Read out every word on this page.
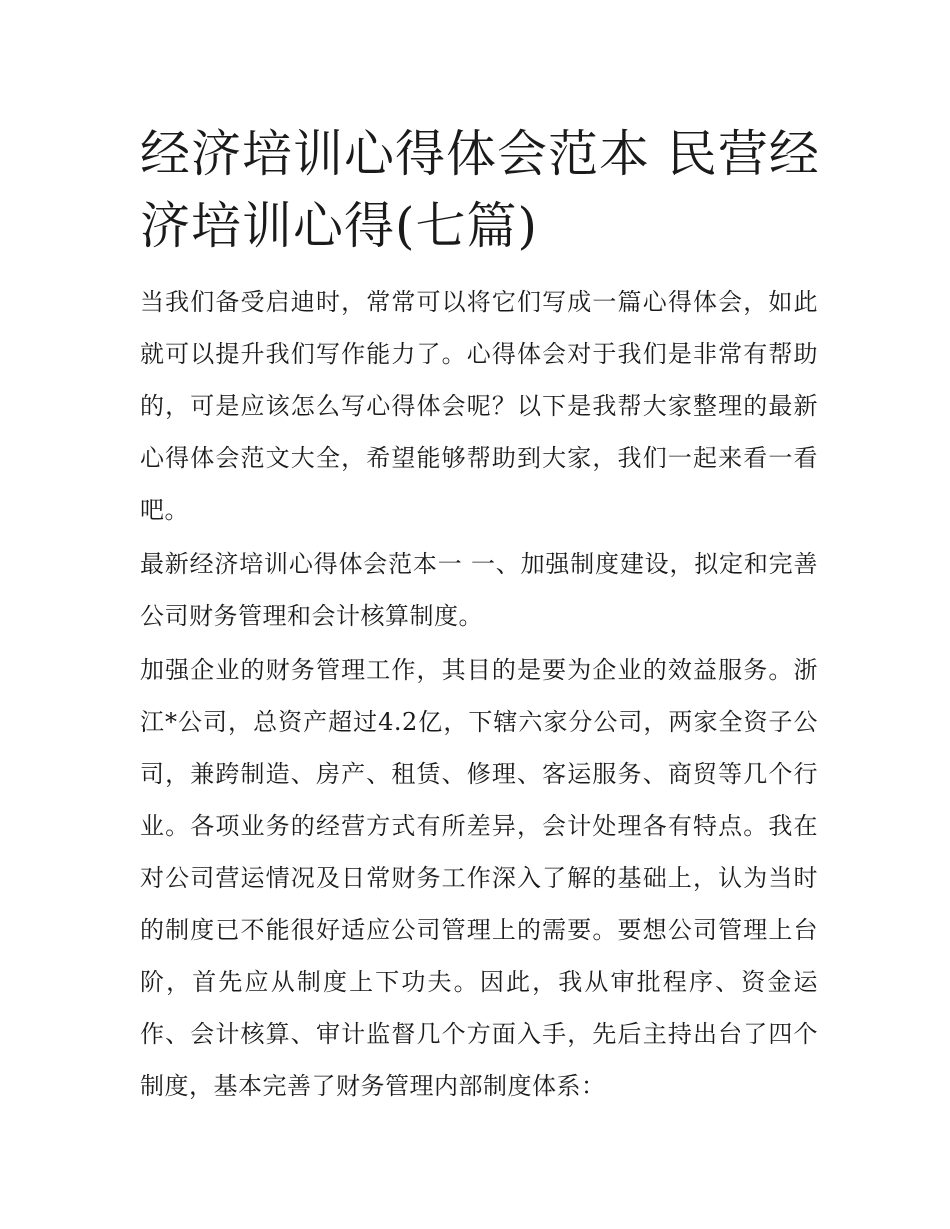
经济培训心得体会范本 民营经济培训心得(七篇)

当我们备受启迪时，常常可以将它们写成一篇心得体会，如此就可以提升我们写作能力了。心得体会对于我们是非常有帮助的，可是应该怎么写心得体会呢？以下是我帮大家整理的最新心得体会范文大全，希望能够帮助到大家，我们一起来看一看吧。

最新经济培训心得体会范本一 一、加强制度建设，拟定和完善公司财务管理和会计核算制度。

加强企业的财务管理工作，其目的是要为企业的效益服务。浙江*公司，总资产超过4.2亿，下辖六家分公司，两家全资子公司，兼跨制造、房产、租赁、修理、客运服务、商贸等几个行业。各项业务的经营方式有所差异，会计处理各有特点。我在对公司营运情况及日常财务工作深入了解的基础上，认为当时的制度已不能很好适应公司管理上的需要。要想公司管理上台阶，首先应从制度上下功夫。因此，我从审批程序、资金运作、会计核算、审计监督几个方面入手，先后主持出台了四个制度，基本完善了财务管理内部制度体系：
